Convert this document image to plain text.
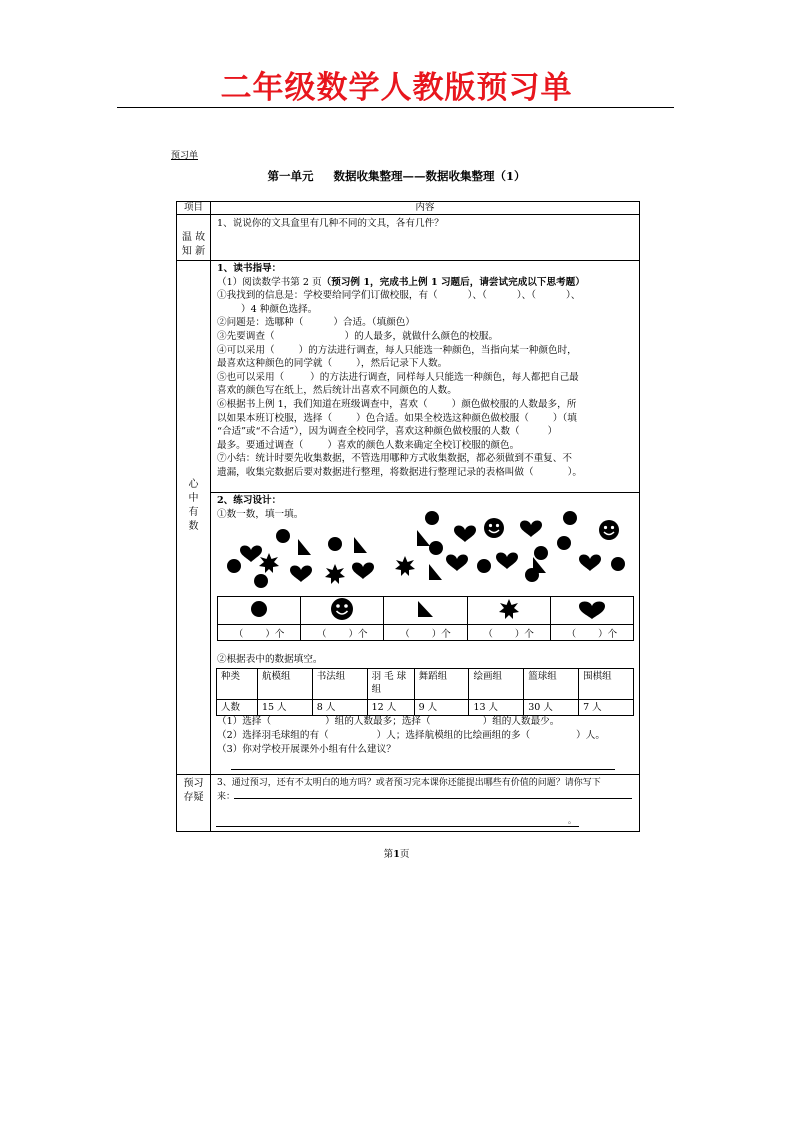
二年级数学人教版预习单
预习单
第一单元 数据收集整理——数据收集整理（1）
项目	内容
温 故
知 新

1、说说你的文具盒里有几种不同的文具，各有几件？

心
中
有
数

1、读书指导：

（1）阅读数学书第 2 页（预习例 1，完成书上例 1 习题后，请尝试完成以下思考题）

①我找到的信息是：学校要给同学们订做校服，有（	）、（	）、（	）、

）4 种颜色选择。

②问题是：选哪种（	）合适。（填颜色）

③先要调查（	）的人最多，就做什么颜色的校服。

④可以采用（	）的方法进行调查，每人只能选一种颜色，当指向某一种颜色时，

最喜欢这种颜色的同学就（	），然后记录下人数。

⑤也可以采用（	）的方法进行调查，同样每人只能选一种颜色，每人都把自己最

喜欢的颜色写在纸上，然后统计出喜欢不同颜色的人数。

⑥根据书上例 1，我们知道在班级调查中，喜欢（	）颜色做校服的人数最多，所

以如果本班订校服，选择（	）色合适。如果全校选这种颜色做校服（	）（填

“合适”或“不合适”），因为调查全校同学，喜欢这种颜色做校服的人数（	）

最多。要通过调查（	）喜欢的颜色人数来确定全校订校服的颜色。

⑦小结：统计时要先收集数据，不管选用哪种方式收集数据，都必须做到不重复、不

遗漏，收集完数据后要对数据进行整理，将数据进行整理记录的表格叫做（	）。

2、练习设计：

①数一数，填一填。

②根据表中的数据填空。

（1）选择（	）组的人数最多；选择（	）组的人数最少。

（2）选择羽毛球组的有（	）人；选择航模组的比绘画组的多（	）人。

（3）你对学校开展课外小组有什么建议？

预习
存疑

3、通过预习，还有不太明白的地方吗？或者预习完本课你还能提出哪些有价值的问题？请你写下

来：

（ ）个	（ ）个	（ ）个	（ ）个	（ ）个
种类	航模组	书法组	羽 毛 球组	舞蹈组	绘画组	篮球组	围棋组
人数	15 人	8 人	12 人	9 人	13 人	30 人	7 人
。
第1页
